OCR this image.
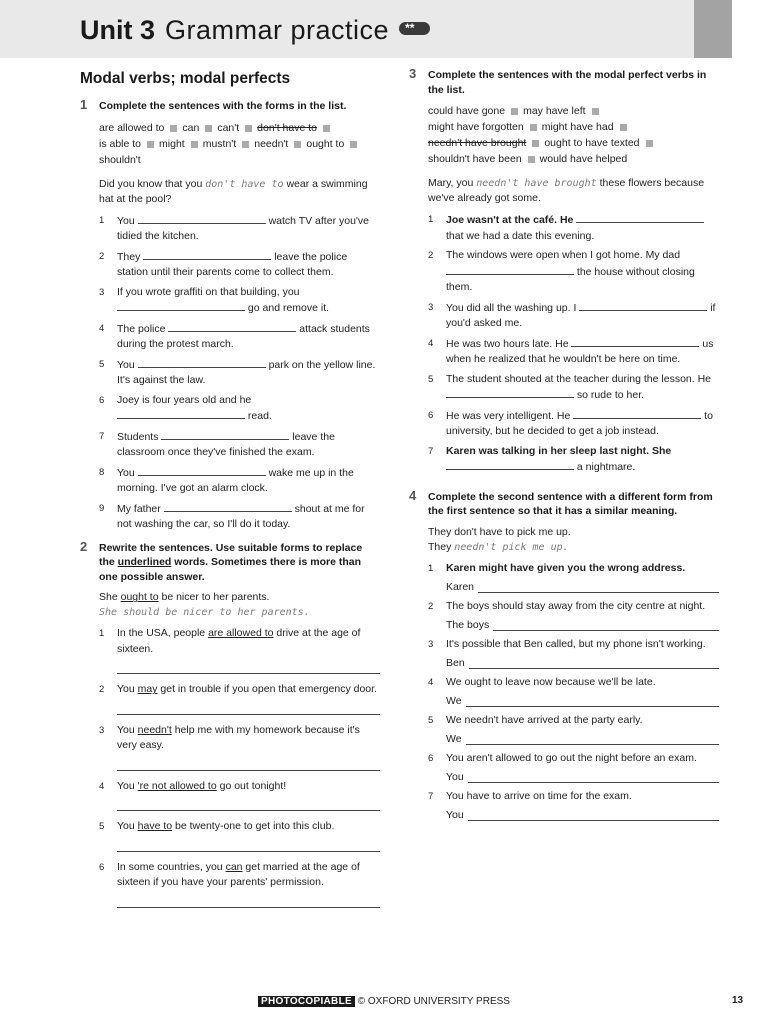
Unit 3 Grammar practice **
Modal verbs; modal perfects
1 Complete the sentences with the forms in the list.
are allowed to can can't don't have to
is able to might mustn't needn't ought to
shouldn't
Did you know that you don't have to wear a swimming hat at the pool?
1 You	watch TV after you've tidied the kitchen.
2 They	leave the police station until their parents come to collect them.
3 If you wrote graffiti on that building, you  go and remove it.
4 The police	attack students during the protest march.
5 You	park on the yellow line. It's against the law.
6 Joey is four years old and he  read.
7 Students	leave the classroom once they've finished the exam.
8 You	wake me up in the morning. I've got an alarm clock.
9 My father	shout at me for not washing the car, so I'll do it today.
2 Rewrite the sentences. Use suitable forms to replace the underlined words. Sometimes there is more than one possible answer.
She ought to be nicer to her parents.
She should be nicer to her parents.
1 In the USA, people are allowed to drive at the age of sixteen.
2 You may get in trouble if you open that emergency door.
3 You needn't help me with my homework because it's very easy.
4 You 're not allowed to go out tonight!
5 You have to be twenty-one to get into this club.
6 In some countries, you can get married at the age of sixteen if you have your parents' permission.
3 Complete the sentences with the modal perfect verbs in the list.
could have gone may have left
might have forgotten might have had
needn't have brought ought to have texted
shouldn't have been would have helped
Mary, you needn't have brought these flowers because we've already got some.
1 Joe wasn't at the café. He  that we had a date this evening.
2 The windows were open when I got home. My dad  the house without closing them.
3 You did all the washing up. I	if you'd asked me.
4 He was two hours late. He	us when he realized that he wouldn't be here on time.
5 The student shouted at the teacher during the lesson. He  so rude to her.
6 He was very intelligent. He	to university, but he decided to get a job instead.
7 Karen was talking in her sleep last night. She  a nightmare.
4 Complete the second sentence with a different form from the first sentence so that it has a similar meaning.
They don't have to pick me up.
They needn't pick me up.
1 Karen might have given you the wrong address.
Karen
2 The boys should stay away from the city centre at night.
The boys
3 It's possible that Ben called, but my phone isn't working.
Ben
4 We ought to leave now because we'll be late.
We
5 We needn't have arrived at the party early.
We
6 You aren't allowed to go out the night before an exam.
You
7 You have to arrive on time for the exam.
You
PHOTOCOPIABLE © OXFORD UNIVERSITY PRESS	13
